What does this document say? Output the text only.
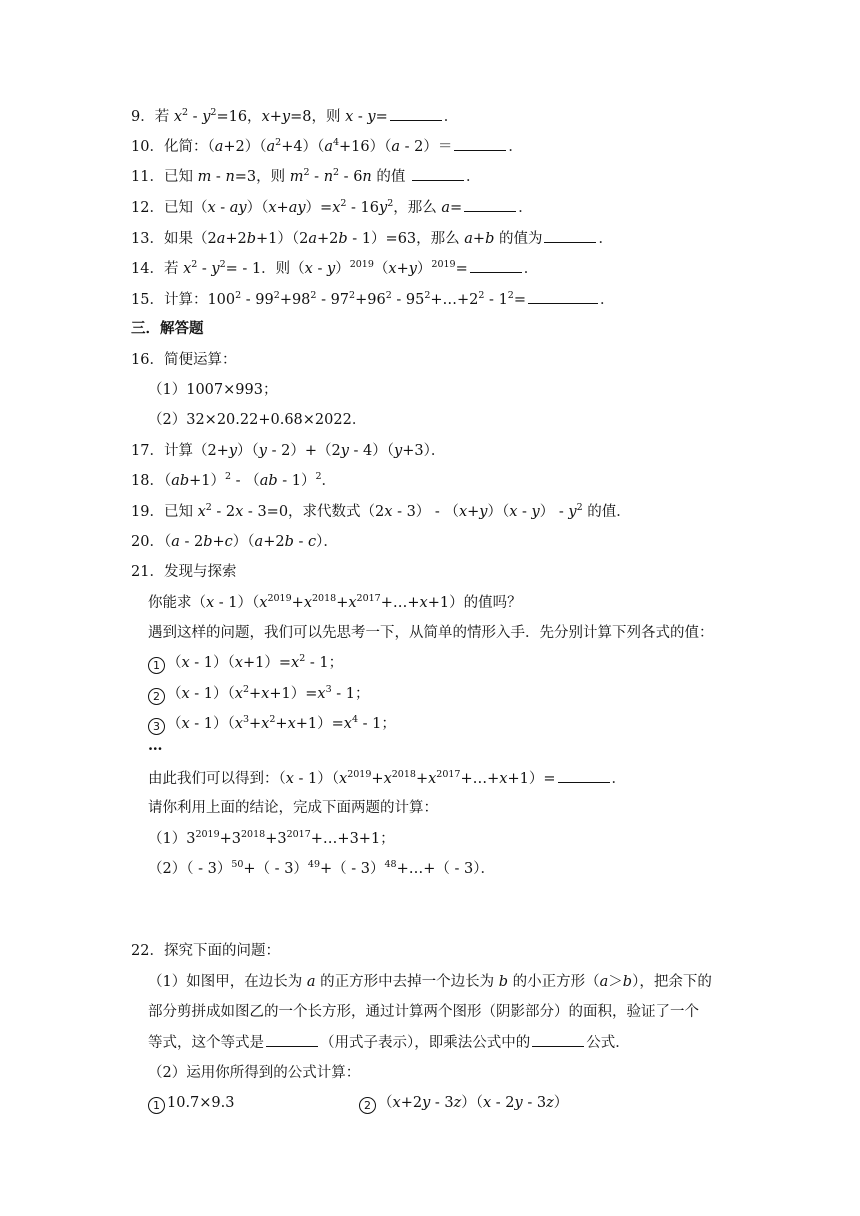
9．若 $x^2 - y^2=16$，x+y=8，则 x - y=	．
10．化简：$(a+2)(a^2+4)(a^4+16)(a - 2)=$	．
11．已知 m - n=3，则 $m^2 - n^2 - 6n$ 的值	．
12．已知$(x - ay)(x+ay)=x^2 - 16y^2$，那么 a=	．
13．如果（2a+2b+1）（2a+2b - 1）=63，那么 a+b 的值为	．
14．若 $x^2 - y^2= - 1$．则$(x - y)^{2019}(x+y)^{2019}=$	．
15．计算：$100^2 - 99^2+98^2 - 97^2+96^2$ - $95^2+\dots+2^2 - 1^2=$	．
三．解答题
16．简便运算：
（1）1007×993；
（2）32×20.22+0.68×2022．
17．计算（2+y）（y - 2）+（2y - 4）（y+3）．
18．$(ab+1)^2 - (ab - 1)^2$．
19．已知 $x^2 - 2x - 3=0$，求代数式$(2x - 3) - (x+y)(x - y) - y^2$ 的值．
20．（a - 2b+c）（a+2b - c）．
21．发现与探索
你能求$(x - 1)(x^{2019}+x^{2018}+x^{2017}+\dots+x+1)$的值吗？
遇到这样的问题，我们可以先思考一下，从简单的情形入手．先分别计算下列各式的值：
1 $(x - 1)(x+1)=x^2 - 1$；
2 $(x - 1)(x^2+x+1)=x^3 - 1$；
3 $(x - 1)(x^3+x^2+x+1)=x^4 - 1$；
…
由此我们可以得到：$(x - 1)(x^{2019}+x^{2018}+x^{2017}+\dots+x+1)=$	．
请你利用上面的结论，完成下面两题的计算：
$(1)3^{2019}+3^{2018}+3^{2017}+\dots+3+1$；
（2）（ - 3）$^{50}$+（ - 3）$^{49}$+（ - 3）$^{48}$+…+（ - 3）．
22．探究下面的问题：
（1）如图甲，在边长为 a 的正方形中去掉一个边长为 b 的小正方形（a＞b），把余下的
部分剪拼成如图乙的一个长方形，通过计算两个图形（阴影部分）的面积，验证了一个
等式，这个等式是	（用式子表示），即乘法公式中的	公式．
（2）运用你所得到的公式计算：
1 10.7×9.3	2 （x+2y - 3z）（x - 2y - 3z）
